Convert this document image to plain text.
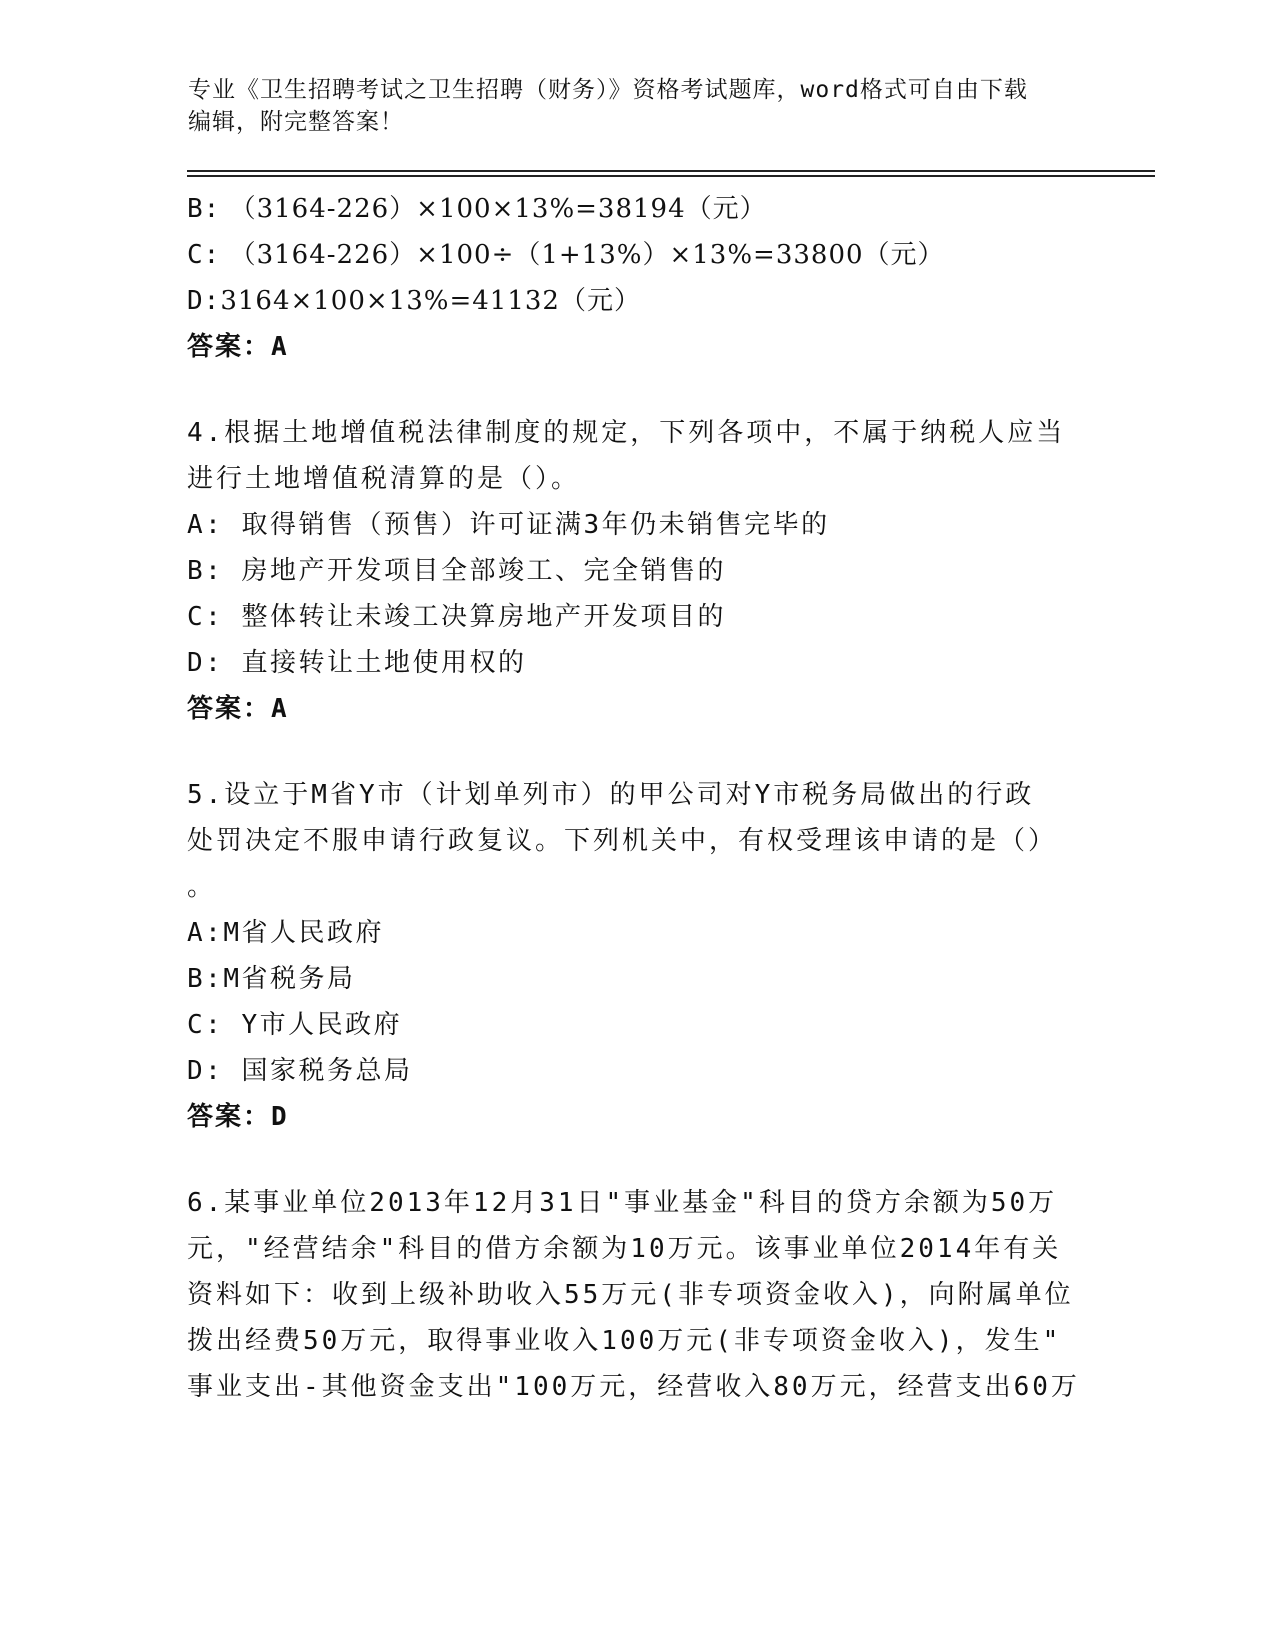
专业《卫生招聘考试之卫生招聘（财务）》资格考试题库，word格式可自由下载
编辑，附完整答案！
B: （3164-226）×100×13%=38194（元）
C: （3164-226）×100÷（1+13%）×13%=33800（元）
D:3164×100×13%=41132（元）
答案：A
4.根据土地增值税法律制度的规定，下列各项中，不属于纳税人应当
进行土地增值税清算的是（）。
A: 取得销售（预售）许可证满3年仍未销售完毕的
B: 房地产开发项目全部竣工、完全销售的
C: 整体转让未竣工决算房地产开发项目的
D: 直接转让土地使用权的
答案：A
5.设立于M省Y市（计划单列市）的甲公司对Y市税务局做出的行政
处罚决定不服申请行政复议。下列机关中，有权受理该申请的是（）
。
A:M省人民政府
B:M省税务局
C: Y市人民政府
D: 国家税务总局
答案：D
6.某事业单位2013年12月31日"事业基金"科目的贷方余额为50万
元，"经营结余"科目的借方余额为10万元。该事业单位2014年有关
资料如下：收到上级补助收入55万元(非专项资金收入)，向附属单位
拨出经费50万元，取得事业收入100万元(非专项资金收入)，发生"
事业支出-其他资金支出"100万元，经营收入80万元，经营支出60万
